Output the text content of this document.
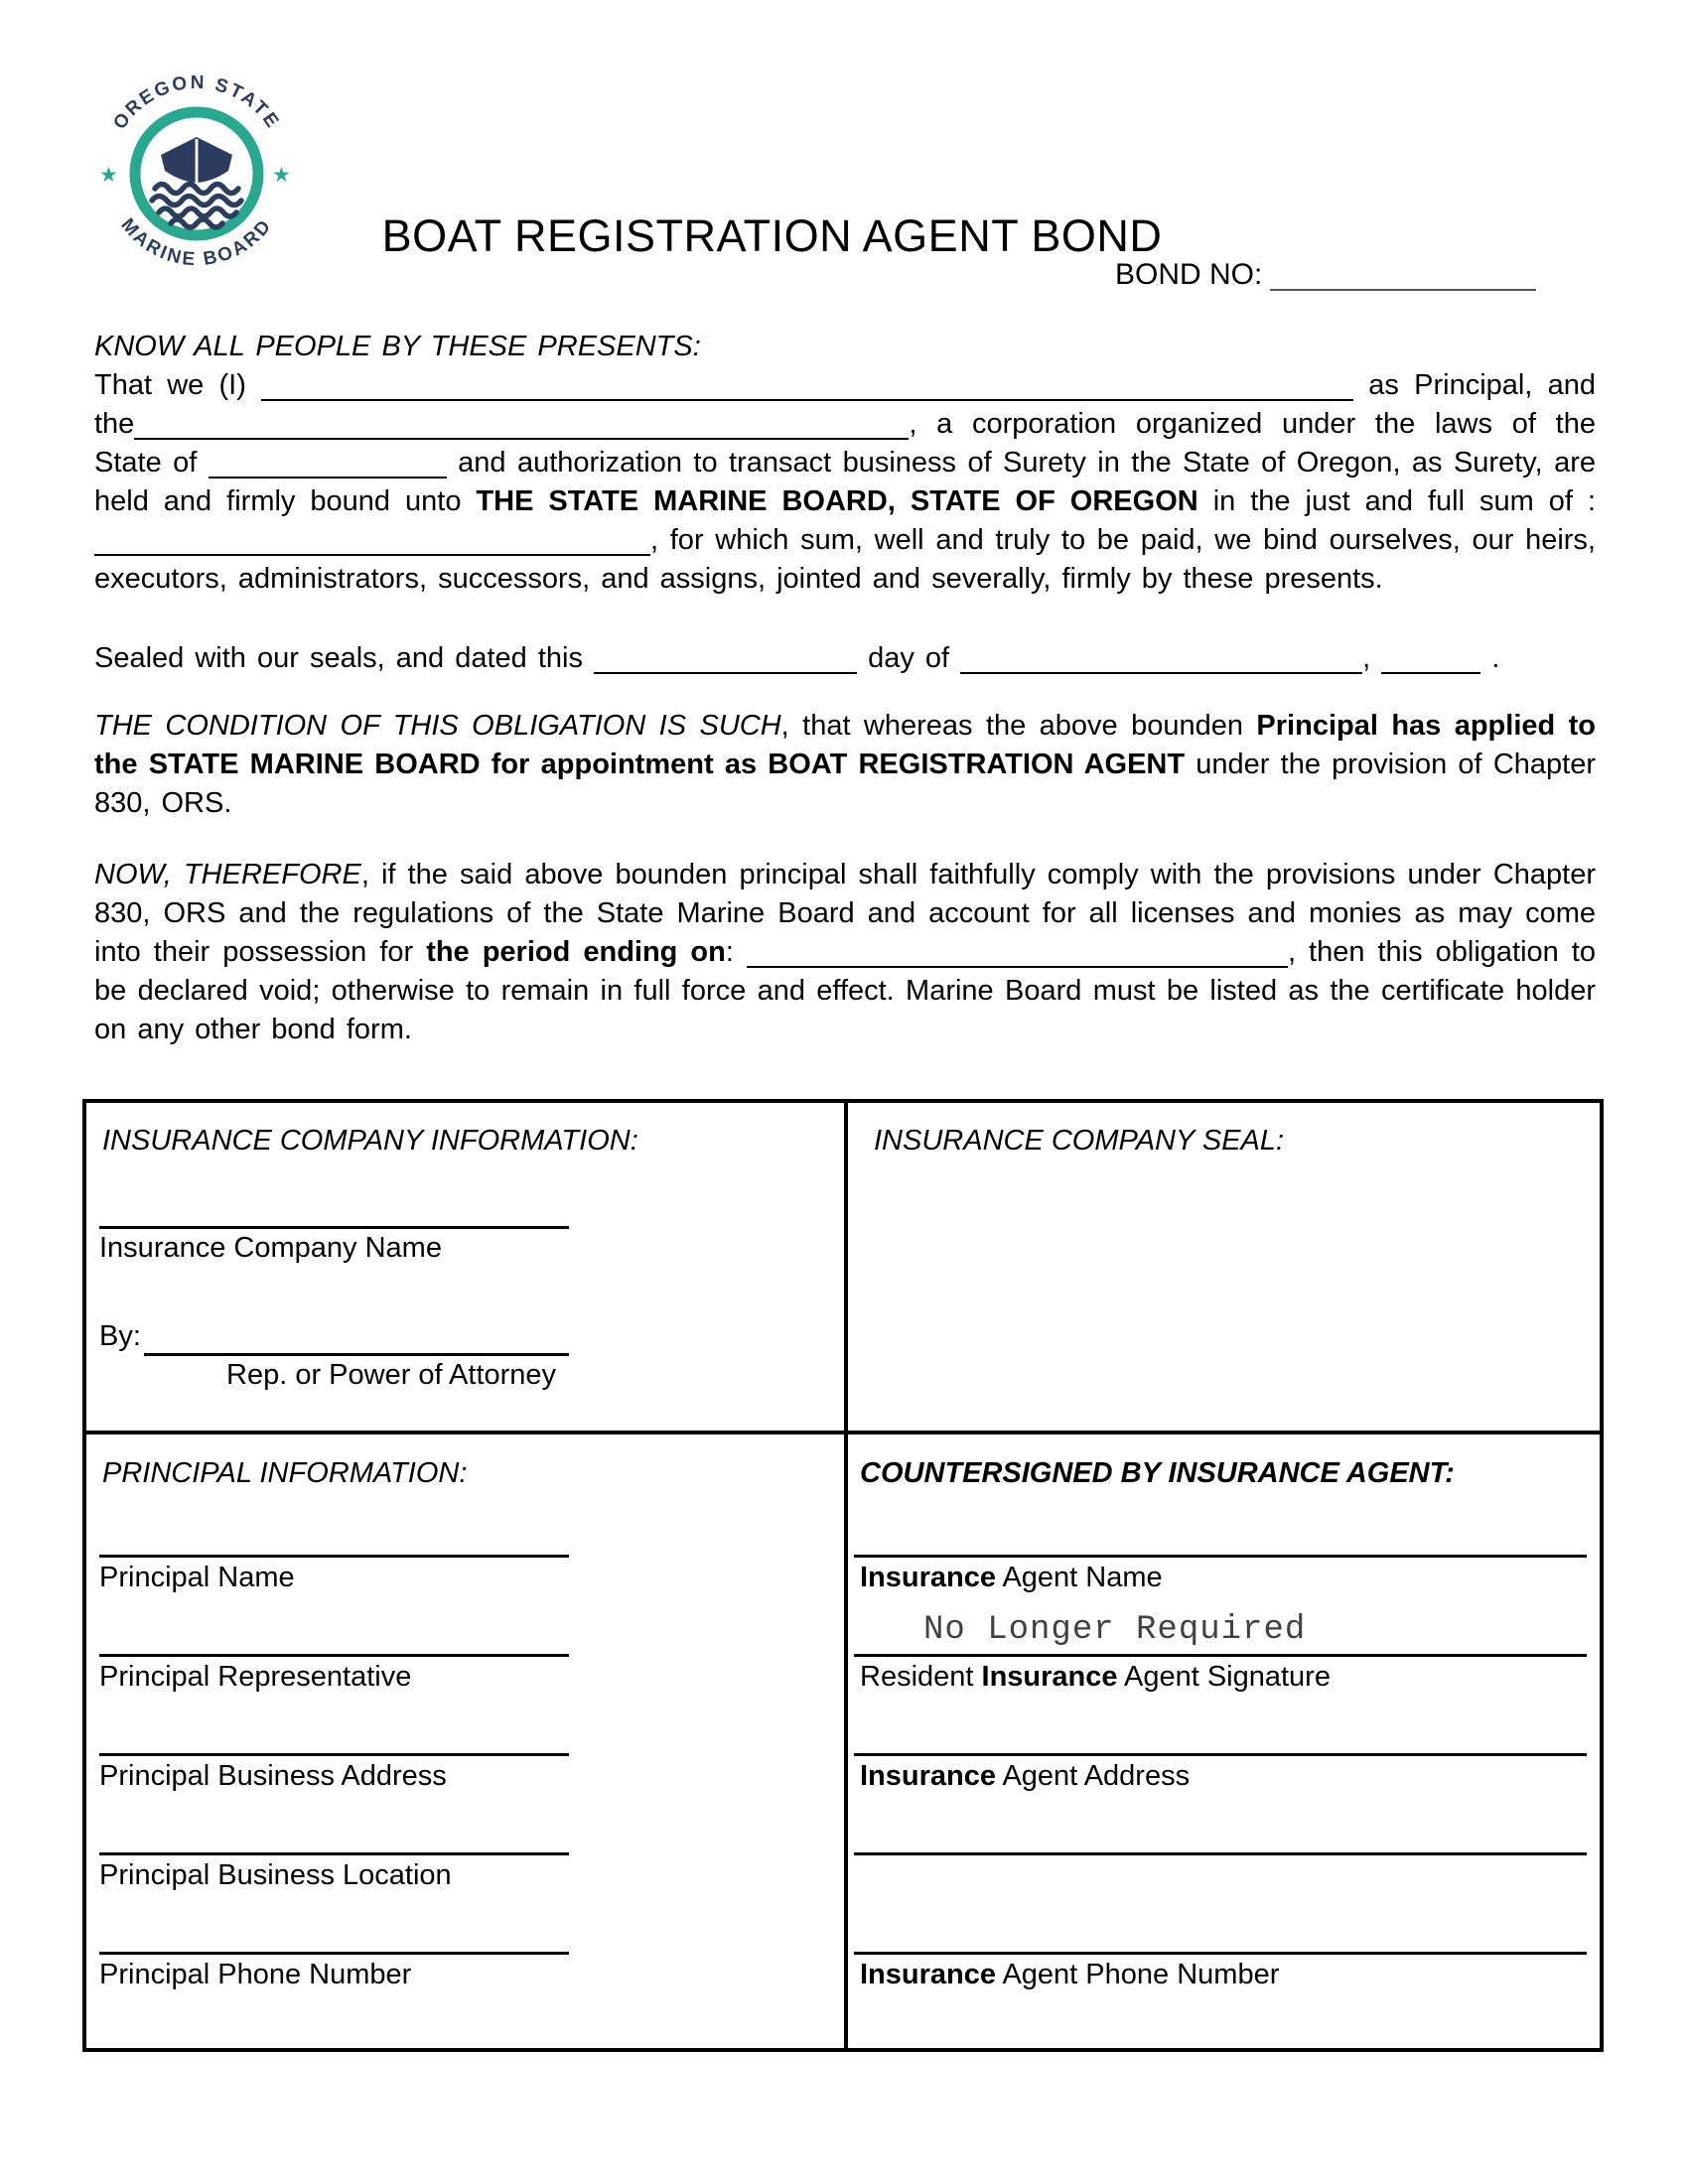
OREGON STATE
MARINE BOARD
★	★
BOAT REGISTRATION AGENT BOND
BOND NO:
KNOW ALL PEOPLE BY THESE PRESENTS:

That we (I)	as Principal, and the	, a corporation organized under the laws of the State of	and authorization to transact business of Surety in the State of Oregon, as Surety, are held and firmly bound unto THE STATE MARINE BOARD, STATE OF OREGON in the just and full sum of :, for which sum, well and truly to be paid, we bind ourselves, our heirs, executors, administrators, successors, and assigns, jointed and severally, firmly by these presents.

Sealed with our seals, and dated this	day of	,	.

THE CONDITION OF THIS OBLIGATION IS SUCH, that whereas the above bounden Principal has applied to the STATE MARINE BOARD for appointment as BOAT REGISTRATION AGENT under the provision of Chapter 830, ORS.

NOW, THEREFORE, if the said above bounden principal shall faithfully comply with the provisions under Chapter 830, ORS and the regulations of the State Marine Board and account for all licenses and monies as may come into their possession for the period ending on:	, then this obligation to be declared void; otherwise to remain in full force and effect. Marine Board must be listed as the certificate holder on any other bond form.

INSURANCE COMPANY INFORMATION:
Insurance Company Name
By:
Rep. or Power of Attorney
INSURANCE COMPANY SEAL:
PRINCIPAL INFORMATION:
Principal Name
Principal Representative
Principal Business Address
Principal Business Location
Principal Phone Number
COUNTERSIGNED BY INSURANCE AGENT:
Insurance Agent Name
No Longer Required
Resident Insurance Agent Signature
Insurance Agent Address
Insurance Agent Phone Number
